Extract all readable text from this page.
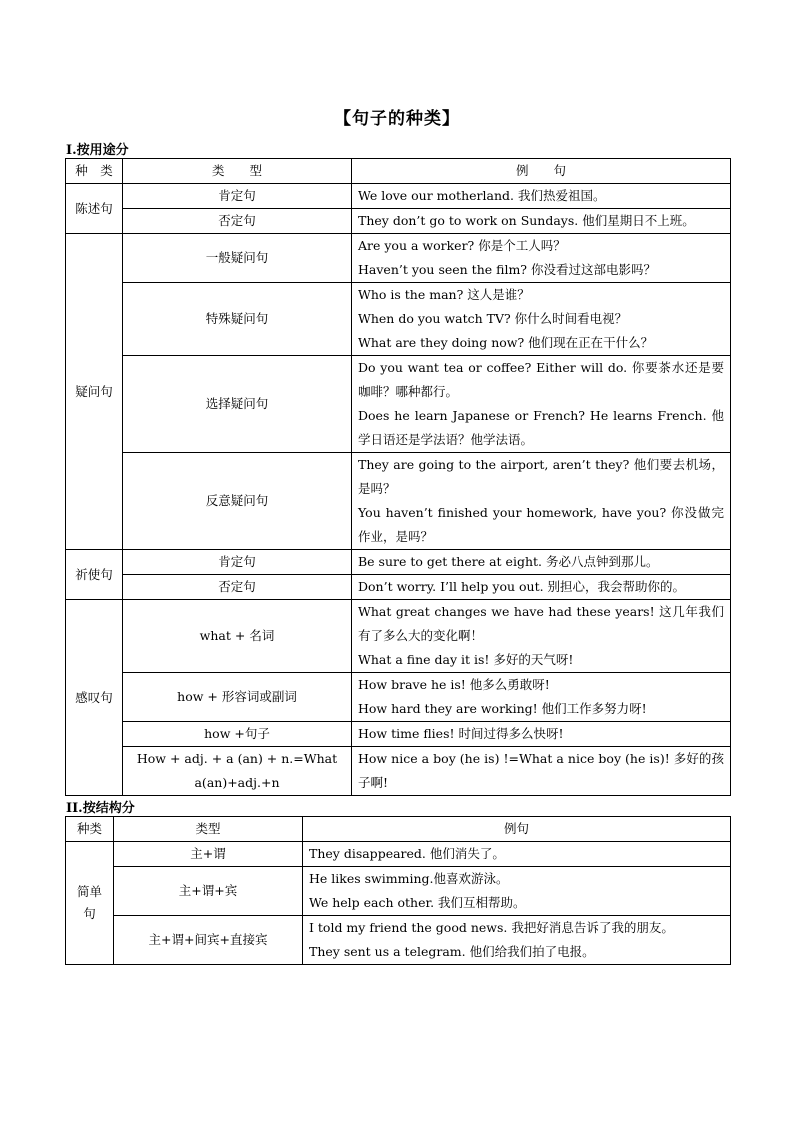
【句子的种类】
I.按用途分
种　类	类　　型	例　　句
陈述句	肯定句	We love our motherland. 我们热爱祖国。

	否定句	They don’t go to work on Sundays. 他们星期日不上班。

疑问句	一般疑问句	Are you a worker? 你是个工人吗？
Haven’t you seen the film? 你没看过这部电影吗？

	特殊疑问句	Who is the man? 这人是谁？
When do you watch TV? 你什么时间看电视？
What are they doing now? 他们现在正在干什么？

	选择疑问句	Do you want tea or coffee? Either will do. 你要茶水还是要咖啡？哪种都行。
Does he learn Japanese or French? He learns French. 他学日语还是学法语？他学法语。

	反意疑问句	They are going to the airport, aren’t they? 他们要去机场，是吗？
You haven’t finished your homework, have you? 你没做完作业，是吗？

祈使句	肯定句	Be sure to get there at eight. 务必八点钟到那儿。

	否定句	Don’t worry. I’ll help you out. 别担心，我会帮助你的。

感叹句	what + 名词	What great changes we have had these years! 这几年我们有了多么大的变化啊！
What a fine day it is! 多好的天气呀!

	how + 形容词或副词	How brave he is! 他多么勇敢呀!
How hard they are working! 他们工作多努力呀!

	how +句子	How time flies! 时间过得多么快呀!

	How + adj. + a (an) + n.=What a(an)+adj.+n	How nice a boy (he is) !=What a nice boy (he is)! 多好的孩子啊!
II.按结构分
种类	类型	例句
简单句	主+谓	They disappeared. 他们消失了。

	主+谓+宾	He likes swimming.他喜欢游泳。
We help each other. 我们互相帮助。

	主+谓+间宾+直接宾	I told my friend the good news. 我把好消息告诉了我的朋友。
They sent us a telegram. 他们给我们拍了电报。
